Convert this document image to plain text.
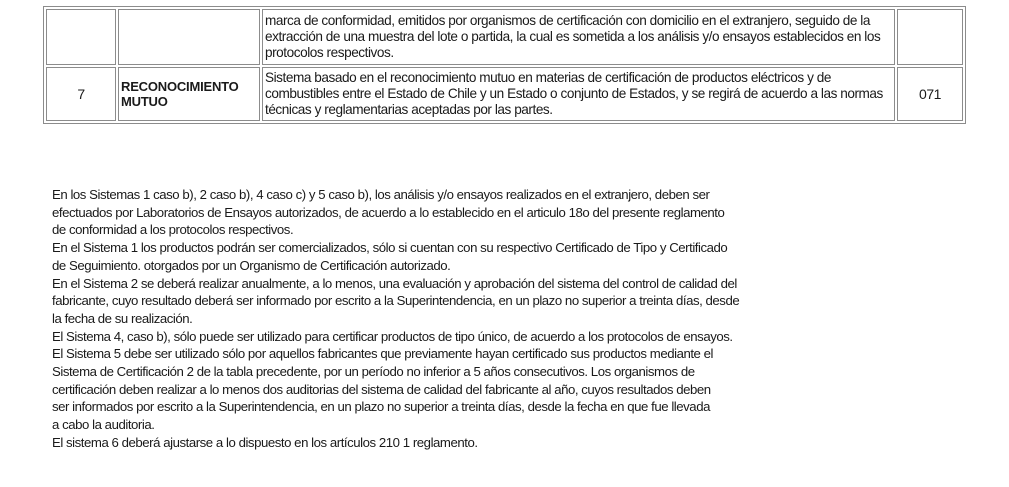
		marca de conformidad, emitidos por organismos de certificación con domicilio en el extranjero, seguido de la extracción de una muestra del lote o partida, la cual es sometida a los análisis y/o ensayos establecidos en los protocolos respectivos.	
7	RECONOCIMIENTO MUTUO	Sistema basado en el reconocimiento mutuo en materias de certificación de productos eléctricos y de combustibles entre el Estado de Chile y un Estado o conjunto de Estados, y se regirá de acuerdo a las normas técnicas y reglamentarias aceptadas por las partes.	071
En los Sistemas 1 caso b), 2 caso b), 4 caso c) y 5 caso b), los análisis y/o ensayos realizados en el extranjero, deben ser
efectuados por Laboratorios de Ensayos autorizados, de acuerdo a lo establecido en el articulo 18o del presente reglamento
de conformidad a los protocolos respectivos.
En el Sistema 1 los productos podrán ser comercializados, sólo si cuentan con su respectivo Certificado de Tipo y Certificado
de Seguimiento. otorgados por un Organismo de Certificación autorizado.
En el Sistema 2 se deberá realizar anualmente, a lo menos, una evaluación y aprobación del sistema del control de calidad del
fabricante, cuyo resultado deberá ser informado por escrito a la Superintendencia, en un plazo no superior a treinta días, desde
la fecha de su realización.
El Sistema 4, caso b), sólo puede ser utilizado para certificar productos de tipo único, de acuerdo a los protocolos de ensayos.
El Sistema 5 debe ser utilizado sólo por aquellos fabricantes que previamente hayan certificado sus productos mediante el
Sistema de Certificación 2 de la tabla precedente, por un período no inferior a 5 años consecutivos. Los organismos de
certificación deben realizar a lo menos dos auditorias del sistema de calidad del fabricante al año, cuyos resultados deben
ser informados por escrito a la Superintendencia, en un plazo no superior a treinta días, desde la fecha en que fue llevada
a cabo la auditoria.
El sistema 6 deberá ajustarse a lo dispuesto en los artículos 210 1 reglamento.
